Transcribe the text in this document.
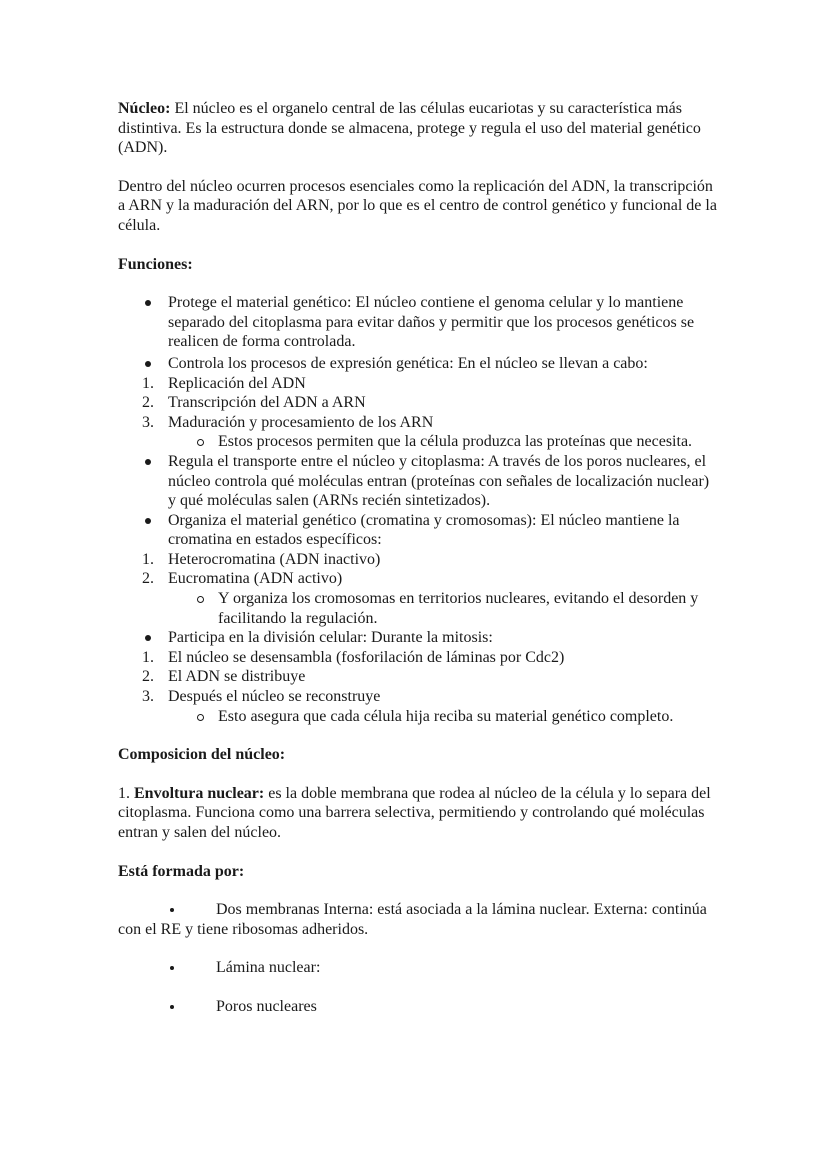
Núcleo: El núcleo es el organelo central de las células eucariotas y su característica más distintiva. Es la estructura donde se almacena, protege y regula el uso del material genético (ADN).

Dentro del núcleo ocurren procesos esenciales como la replicación del ADN, la transcripción a ARN y la maduración del ARN, por lo que es el centro de control genético y funcional de la célula.

Funciones:

Protege el material genético: El núcleo contiene el genoma celular y lo mantiene separado del citoplasma para evitar daños y permitir que los procesos genéticos se realicen de forma controlada.
Controla los procesos de expresión genética: En el núcleo se llevan a cabo:
1. Replicación del ADN
2. Transcripción del ADN a ARN
3. Maduración y procesamiento de los ARN
Estos procesos permiten que la célula produzca las proteínas que necesita.
Regula el transporte entre el núcleo y citoplasma: A través de los poros nucleares, el núcleo controla qué moléculas entran (proteínas con señales de localización nuclear) y qué moléculas salen (ARNs recién sintetizados).
Organiza el material genético (cromatina y cromosomas): El núcleo mantiene la cromatina en estados específicos:
1. Heterocromatina (ADN inactivo)
2. Eucromatina (ADN activo)
Y organiza los cromosomas en territorios nucleares, evitando el desorden y facilitando la regulación.
Participa en la división celular: Durante la mitosis:
1. El núcleo se desensambla (fosforilación de láminas por Cdc2)
2. El ADN se distribuye
3. Después el núcleo se reconstruye
Esto asegura que cada célula hija reciba su material genético completo.

Composicion del núcleo:

1. Envoltura nuclear: es la doble membrana que rodea al núcleo de la célula y lo separa del citoplasma. Funciona como una barrera selectiva, permitiendo y controlando qué moléculas entran y salen del núcleo.

Está formada por:

Dos membranas Interna: está asociada a la lámina nuclear. Externa: continúa con el RE y tiene ribosomas adheridos.
Lámina nuclear:
Poros nucleares
